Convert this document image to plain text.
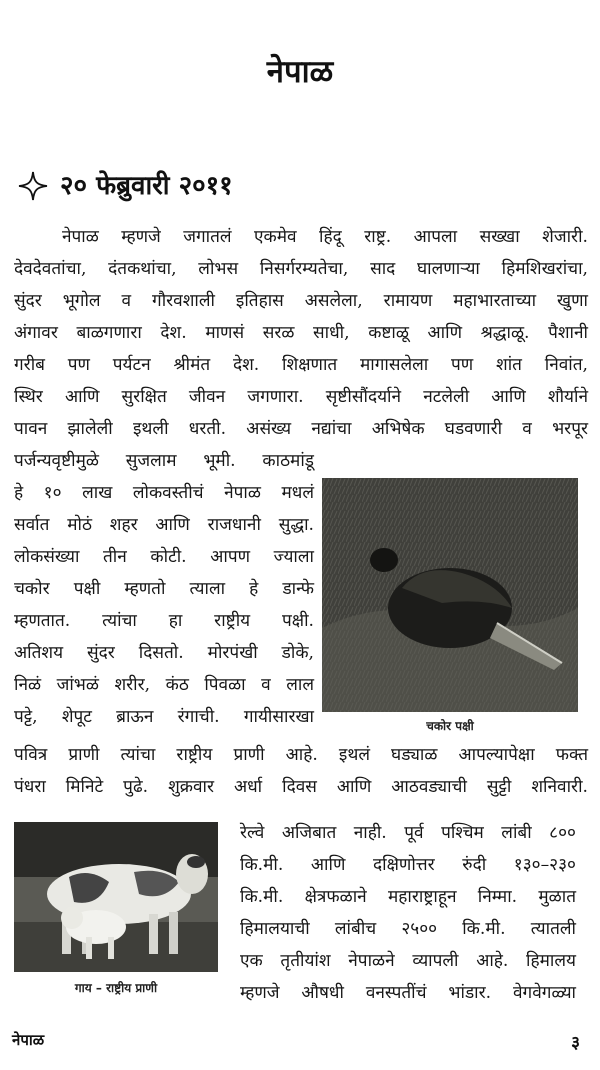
नेपाळ
२० फेब्रुवारी २०११
नेपाळ म्हणजे जगातलं एकमेव हिंदू राष्ट्र. आपला सख्खा शेजारी.
देवदेवतांचा, दंतकथांचा, लोभस निसर्गरम्यतेचा, साद घालणाऱ्या हिमशिखरांचा,
सुंदर भूगोल व गौरवशाली इतिहास असलेला, रामायण महाभारताच्या खुणा
अंगावर बाळगणारा देश. माणसं सरळ साधी, कष्टाळू आणि श्रद्धाळू. पैशानी
गरीब पण पर्यटन श्रीमंत देश. शिक्षणात मागासलेला पण शांत निवांत,
स्थिर आणि सुरक्षित जीवन जगणारा. सृष्टीसौंदर्याने नटलेली आणि शौर्याने
पावन झालेली इथली धरती. असंख्य नद्यांचा अभिषेक घडवणारी व भरपूर
पर्जन्यवृष्टीमुळे सुजलाम भूमी. काठमांडू
हे १० लाख लोकवस्तीचं नेपाळ मधलं
सर्वात मोठं शहर आणि राजधानी सुद्धा.
लोकसंख्या तीन कोटी. आपण ज्याला
चकोर पक्षी म्हणतो त्याला हे डान्फे
म्हणतात. त्यांचा हा राष्ट्रीय पक्षी.
अतिशय सुंदर दिसतो. मोरपंखी डोके,
निळं जांभळं शरीर, कंठ पिवळा व लाल
पट्टे, शेपूट ब्राऊन रंगाची. गायीसारखा	चकोर पक्षी
पवित्र प्राणी त्यांचा राष्ट्रीय प्राणी आहे. इथलं घड्याळ आपल्यापेक्षा फक्त
पंधरा मिनिटे पुढे. शुक्रवार अर्धा दिवस आणि आठवड्याची सुट्टी शनिवारी.
गाय – राष्ट्रीय प्राणी
रेल्वे अजिबात नाही. पूर्व पश्चिम लांबी ८००
कि.मी. आणि दक्षिणोत्तर रुंदी १३०–२३०
कि.मी. क्षेत्रफळाने महाराष्ट्राहून निम्मा. मुळात
हिमालयाची लांबीच २५०० कि.मी. त्यातली
एक तृतीयांश नेपाळने व्यापली आहे. हिमालय
म्हणजे औषधी वनस्पतींचं भांडार. वेगवेगळ्या
नेपाळ	३
